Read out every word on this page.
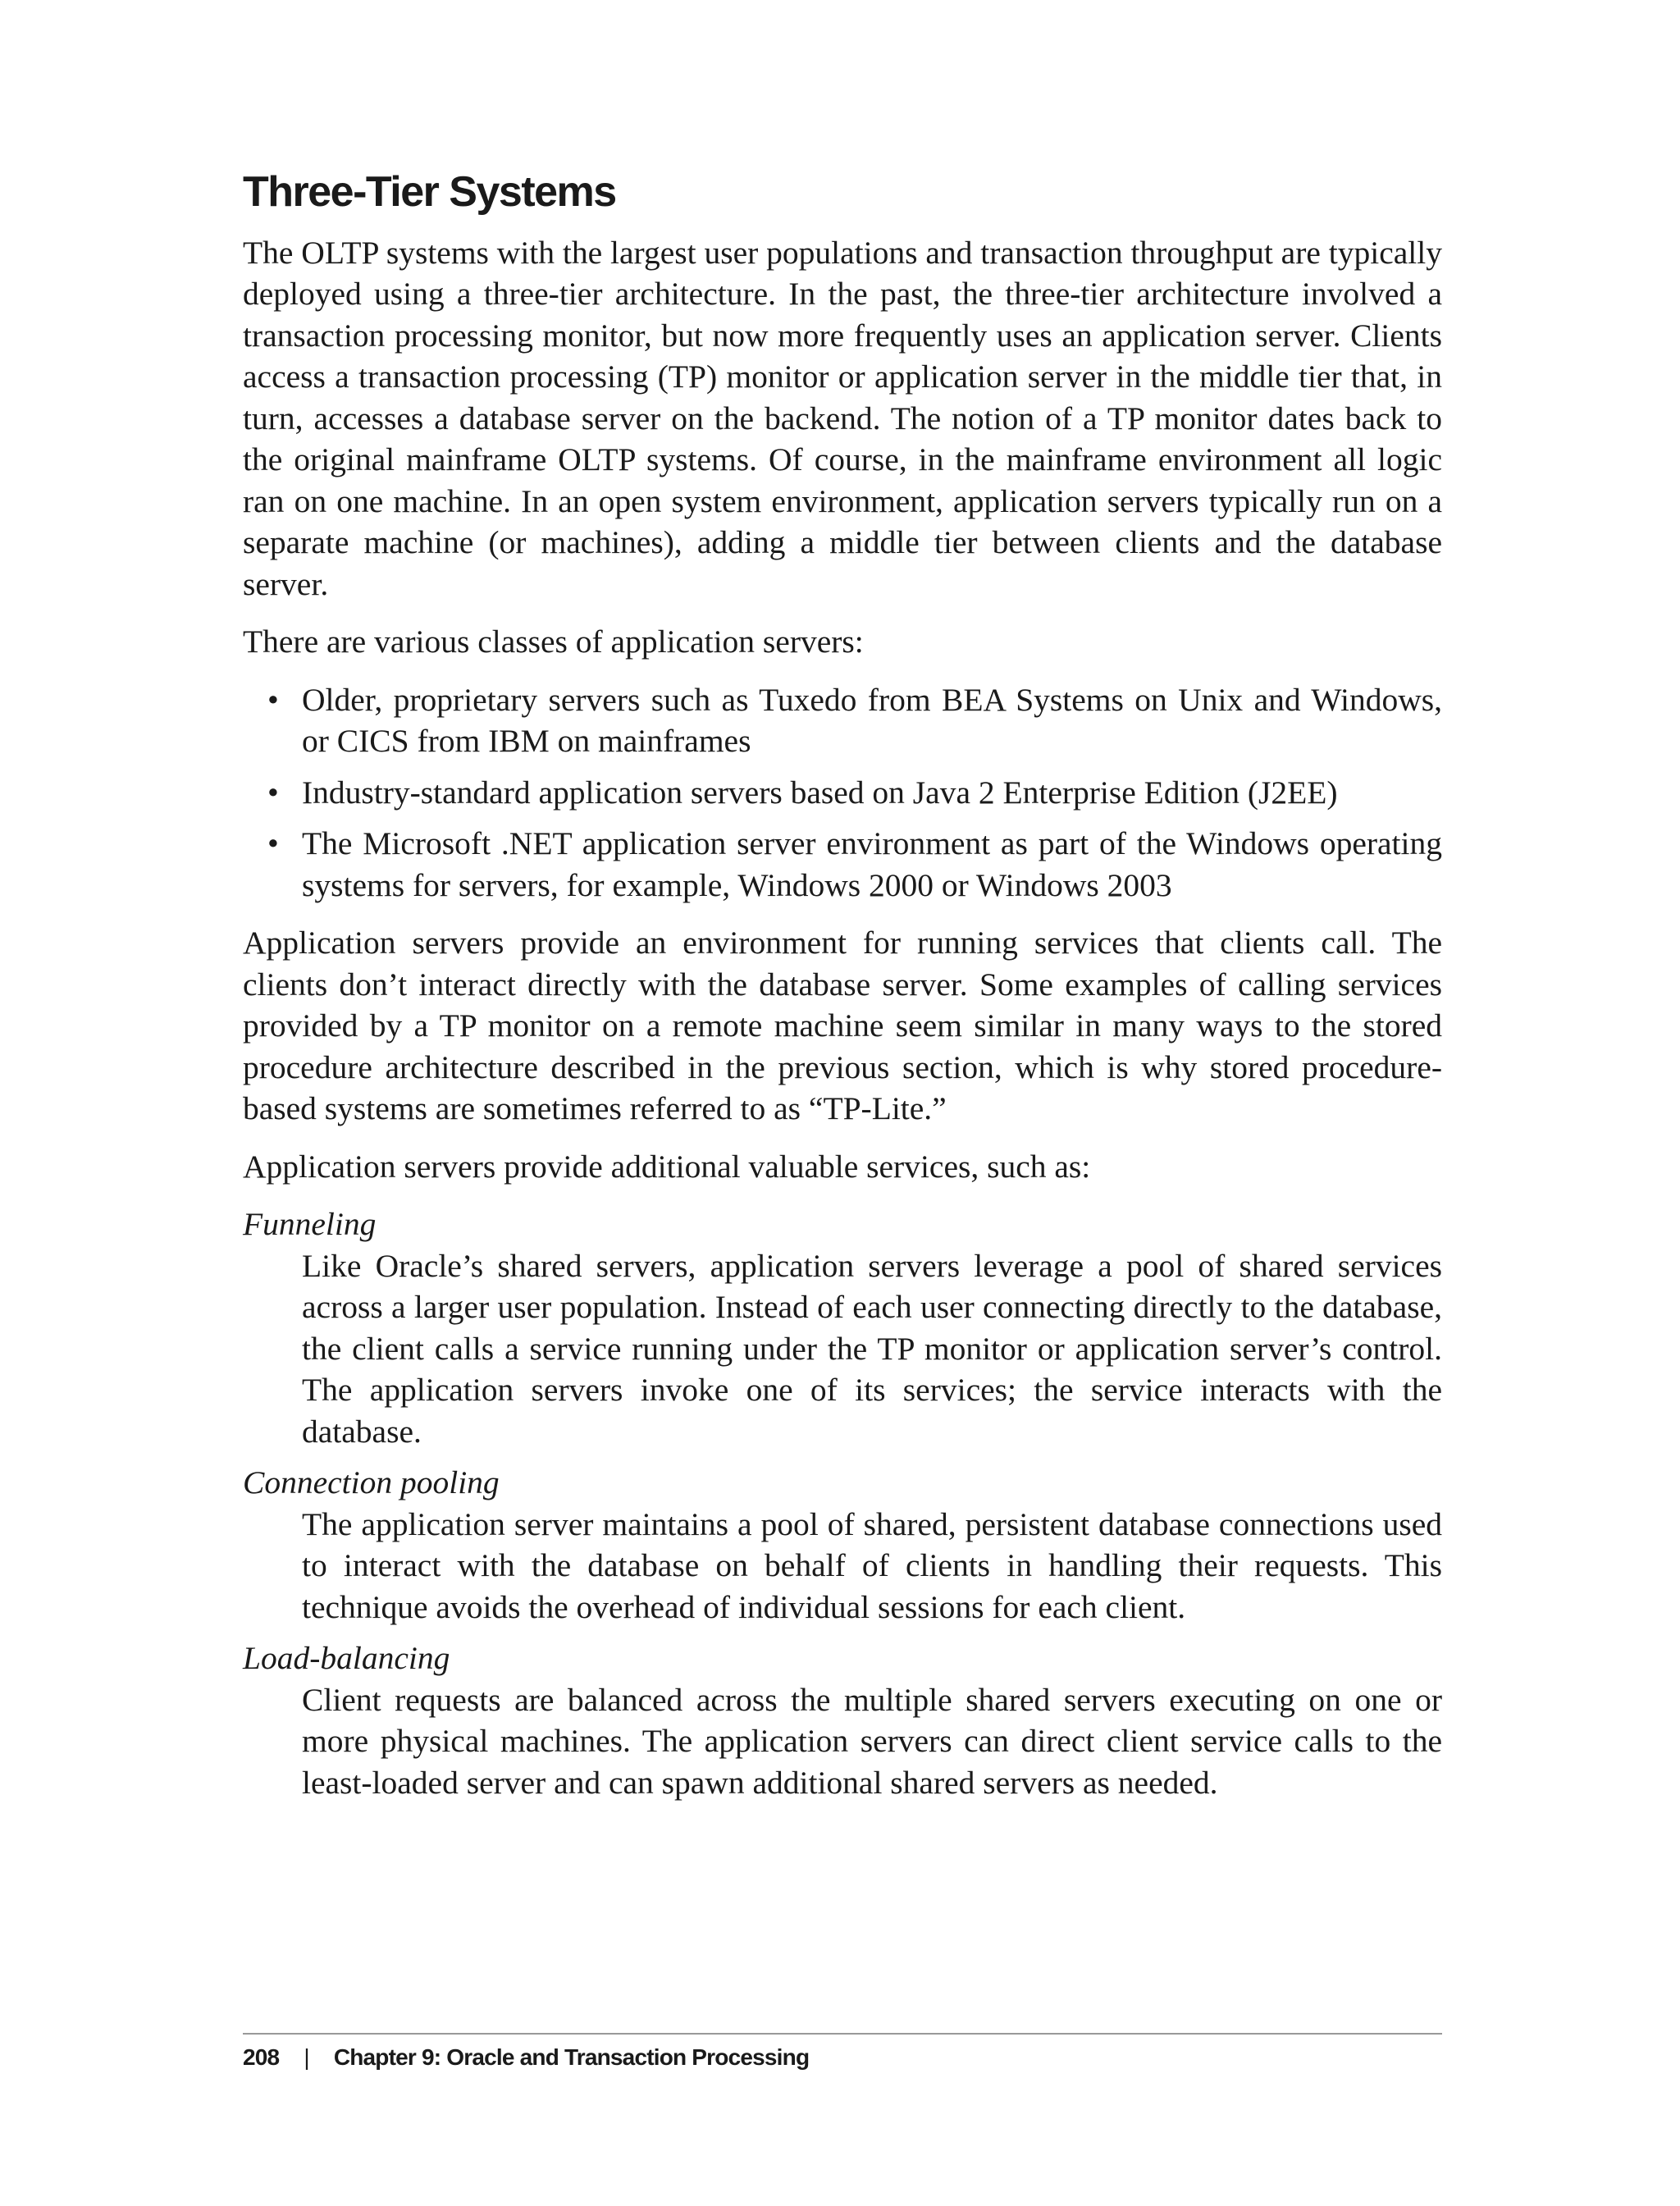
Three-Tier Systems

The OLTP systems with the largest user populations and transaction throughput are typically deployed using a three-tier architecture. In the past, the three-tier architecture involved a transaction processing monitor, but now more frequently uses an application server. Clients access a transaction processing (TP) monitor or application server in the middle tier that, in turn, accesses a database server on the backend. The notion of a TP monitor dates back to the original mainframe OLTP systems. Of course, in the mainframe environment all logic ran on one machine. In an open system environment, application servers typically run on a separate machine (or machines), adding a middle tier between clients and the database server.

There are various classes of application servers:

• Older, proprietary servers such as Tuxedo from BEA Systems on Unix and Windows, or CICS from IBM on mainframes
• Industry-standard application servers based on Java 2 Enterprise Edition (J2EE)
• The Microsoft .NET application server environment as part of the Windows operating systems for servers, for example, Windows 2000 or Windows 2003

Application servers provide an environment for running services that clients call. The clients don’t interact directly with the database server. Some examples of calling services provided by a TP monitor on a remote machine seem similar in many ways to the stored procedure architecture described in the previous section, which is why stored procedure-based systems are sometimes referred to as “TP-Lite.”

Application servers provide additional valuable services, such as:

Funneling
Like Oracle’s shared servers, application servers leverage a pool of shared services across a larger user population. Instead of each user connecting directly to the database, the client calls a service running under the TP monitor or application server’s control. The application servers invoke one of its services; the service interacts with the database.
Connection pooling
The application server maintains a pool of shared, persistent database connections used to interact with the database on behalf of clients in handling their requests. This technique avoids the overhead of individual sessions for each client.
Load-balancing
Client requests are balanced across the multiple shared servers executing on one or more physical machines. The application servers can direct client service calls to the least-loaded server and can spawn additional shared servers as needed.
208 | Chapter 9: Oracle and Transaction Processing
